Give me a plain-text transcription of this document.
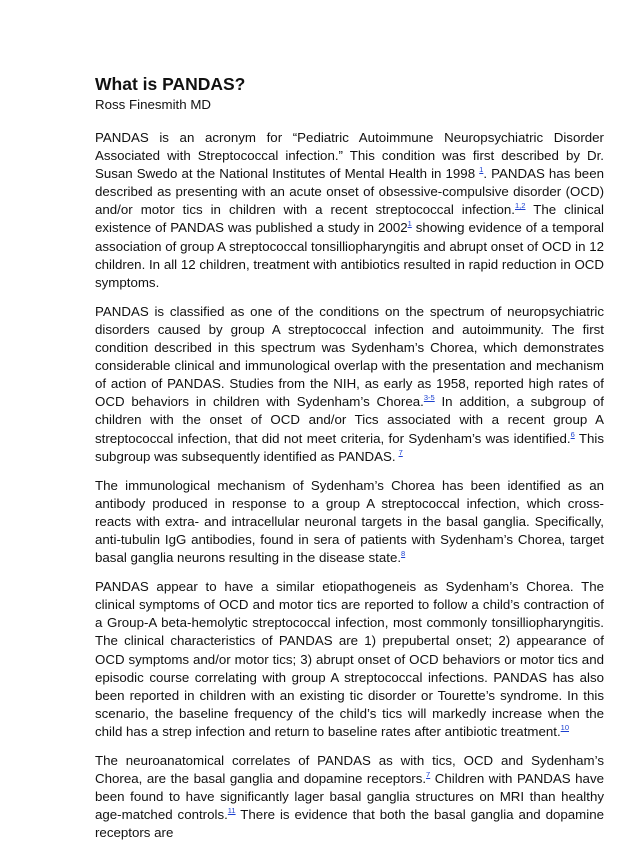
What is PANDAS?
Ross Finesmith MD

PANDAS is an acronym for “Pediatric Autoimmune Neuropsychiatric Disorder Associated with Streptococcal infection.” This condition was first described by Dr. Susan Swedo at the National Institutes of Mental Health in 1998 $^1$. PANDAS has been described as presenting with an acute onset of obsessive-compulsive disorder (OCD) and/or motor tics in children with a recent streptococcal infection.$^{1,2}$ The clinical existence of PANDAS was published a study in 2002$^1$ showing evidence of a temporal association of group A streptococcal tonsilliopharyngitis and abrupt onset of OCD in 12 children. In all 12 children, treatment with antibiotics resulted in rapid reduction in OCD symptoms.

PANDAS is classified as one of the conditions on the spectrum of neuropsychiatric disorders caused by group A streptococcal infection and autoimmunity. The first condition described in this spectrum was Sydenham’s Chorea, which demonstrates considerable clinical and immunological overlap with the presentation and mechanism of action of PANDAS. Studies from the NIH, as early as 1958, reported high rates of OCD behaviors in children with Sydenham’s Chorea.$^{3-5}$ In addition, a subgroup of children with the onset of OCD and/or Tics associated with a recent group A streptococcal infection, that did not meet criteria, for Sydenham’s was identified.$^6$ This subgroup was subsequently identified as PANDAS. $^7$

The immunological mechanism of Sydenham’s Chorea has been identified as an antibody produced in response to a group A streptococcal infection, which cross-reacts with extra- and intracellular neuronal targets in the basal ganglia. Specifically, anti-tubulin IgG antibodies, found in sera of patients with Sydenham’s Chorea, target basal ganglia neurons resulting in the disease state.$^8$

PANDAS appear to have a similar etiopathogeneis as Sydenham’s Chorea. The clinical symptoms of OCD and motor tics are reported to follow a child’s contraction of a Group-A beta-hemolytic streptococcal infection, most commonly tonsilliopharyngitis. The clinical characteristics of PANDAS are 1) prepubertal onset; 2) appearance of OCD symptoms and/or motor tics; 3) abrupt onset of OCD behaviors or motor tics and episodic course correlating with group A streptococcal infections. PANDAS has also been reported in children with an existing tic disorder or Tourette’s syndrome. In this scenario, the baseline frequency of the child’s tics will markedly increase when the child has a strep infection and return to baseline rates after antibiotic treatment.$^{10}$

The neuroanatomical correlates of PANDAS as with tics, OCD and Sydenham’s Chorea, are the basal ganglia and dopamine receptors.$^7$ Children with PANDAS have been found to have significantly lager basal ganglia structures on MRI than healthy age-matched controls.$^{11}$ There is evidence that both the basal ganglia and dopamine receptors are
